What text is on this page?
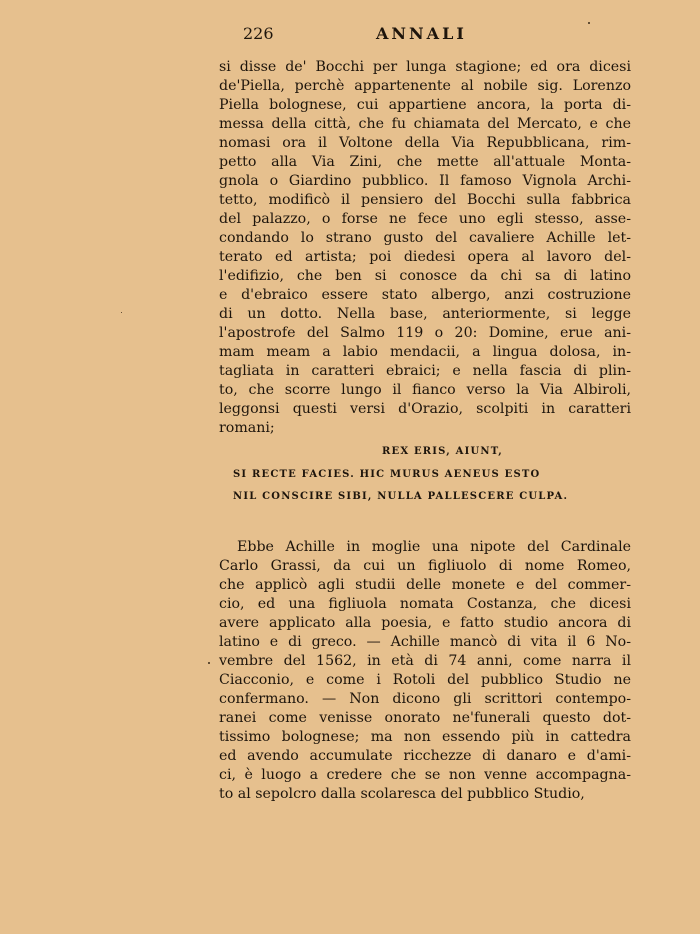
226	ANNALI
si disse de' Bocchi per lunga stagione; ed ora dicesi
de'Piella, perchè appartenente al nobile sig. Lorenzo
Piella bolognese, cui appartiene ancora, la porta di-
messa della città, che fu chiamata del Mercato, e che
nomasi ora il Voltone della Via Repubblicana, rim-
petto alla Via Zini, che mette all'attuale Monta-
gnola o Giardino pubblico. Il famoso Vignola Archi-
tetto, modificò il pensiero del Bocchi sulla fabbrica
del palazzo, o forse ne fece uno egli stesso, asse-
condando lo strano gusto del cavaliere Achille let-
terato ed artista; poi diedesi opera al lavoro del-
l'edifizio, che ben si conosce da chi sa di latino
e d'ebraico essere stato albergo, anzi costruzione
di un dotto. Nella base, anteriormente, si legge
l'apostrofe del Salmo 119 o 20: Domine, erue ani-
mam meam a labio mendacii, a lingua dolosa, in-
tagliata in caratteri ebraici; e nella fascia di plin-
to, che scorre lungo il fianco verso la Via Albiroli,
leggonsi questi versi d'Orazio, scolpiti in caratteri
romani;
REX ERIS, AIUNT,
SI RECTE FACIES. HIC MURUS AENEUS ESTO
NIL CONSCIRE SIBI, NULLA PALLESCERE CULPA.
Ebbe Achille in moglie una nipote del Cardinale
Carlo Grassi, da cui un figliuolo di nome Romeo,
che applicò agli studii delle monete e del commer-
cio, ed una figliuola nomata Costanza, che dicesi
avere applicato alla poesia, e fatto studio ancora di
latino e di greco. — Achille mancò di vita il 6 No-
vembre del 1562, in età di 74 anni, come narra il
Ciacconio, e come i Rotoli del pubblico Studio ne
confermano. — Non dicono gli scrittori contempo-
ranei come venisse onorato ne'funerali questo dot-
tissimo bolognese; ma non essendo più in cattedra
ed avendo accumulate ricchezze di danaro e d'ami-
ci, è luogo a credere che se non venne accompagna-
to al sepolcro dalla scolaresca del pubblico Studio,
